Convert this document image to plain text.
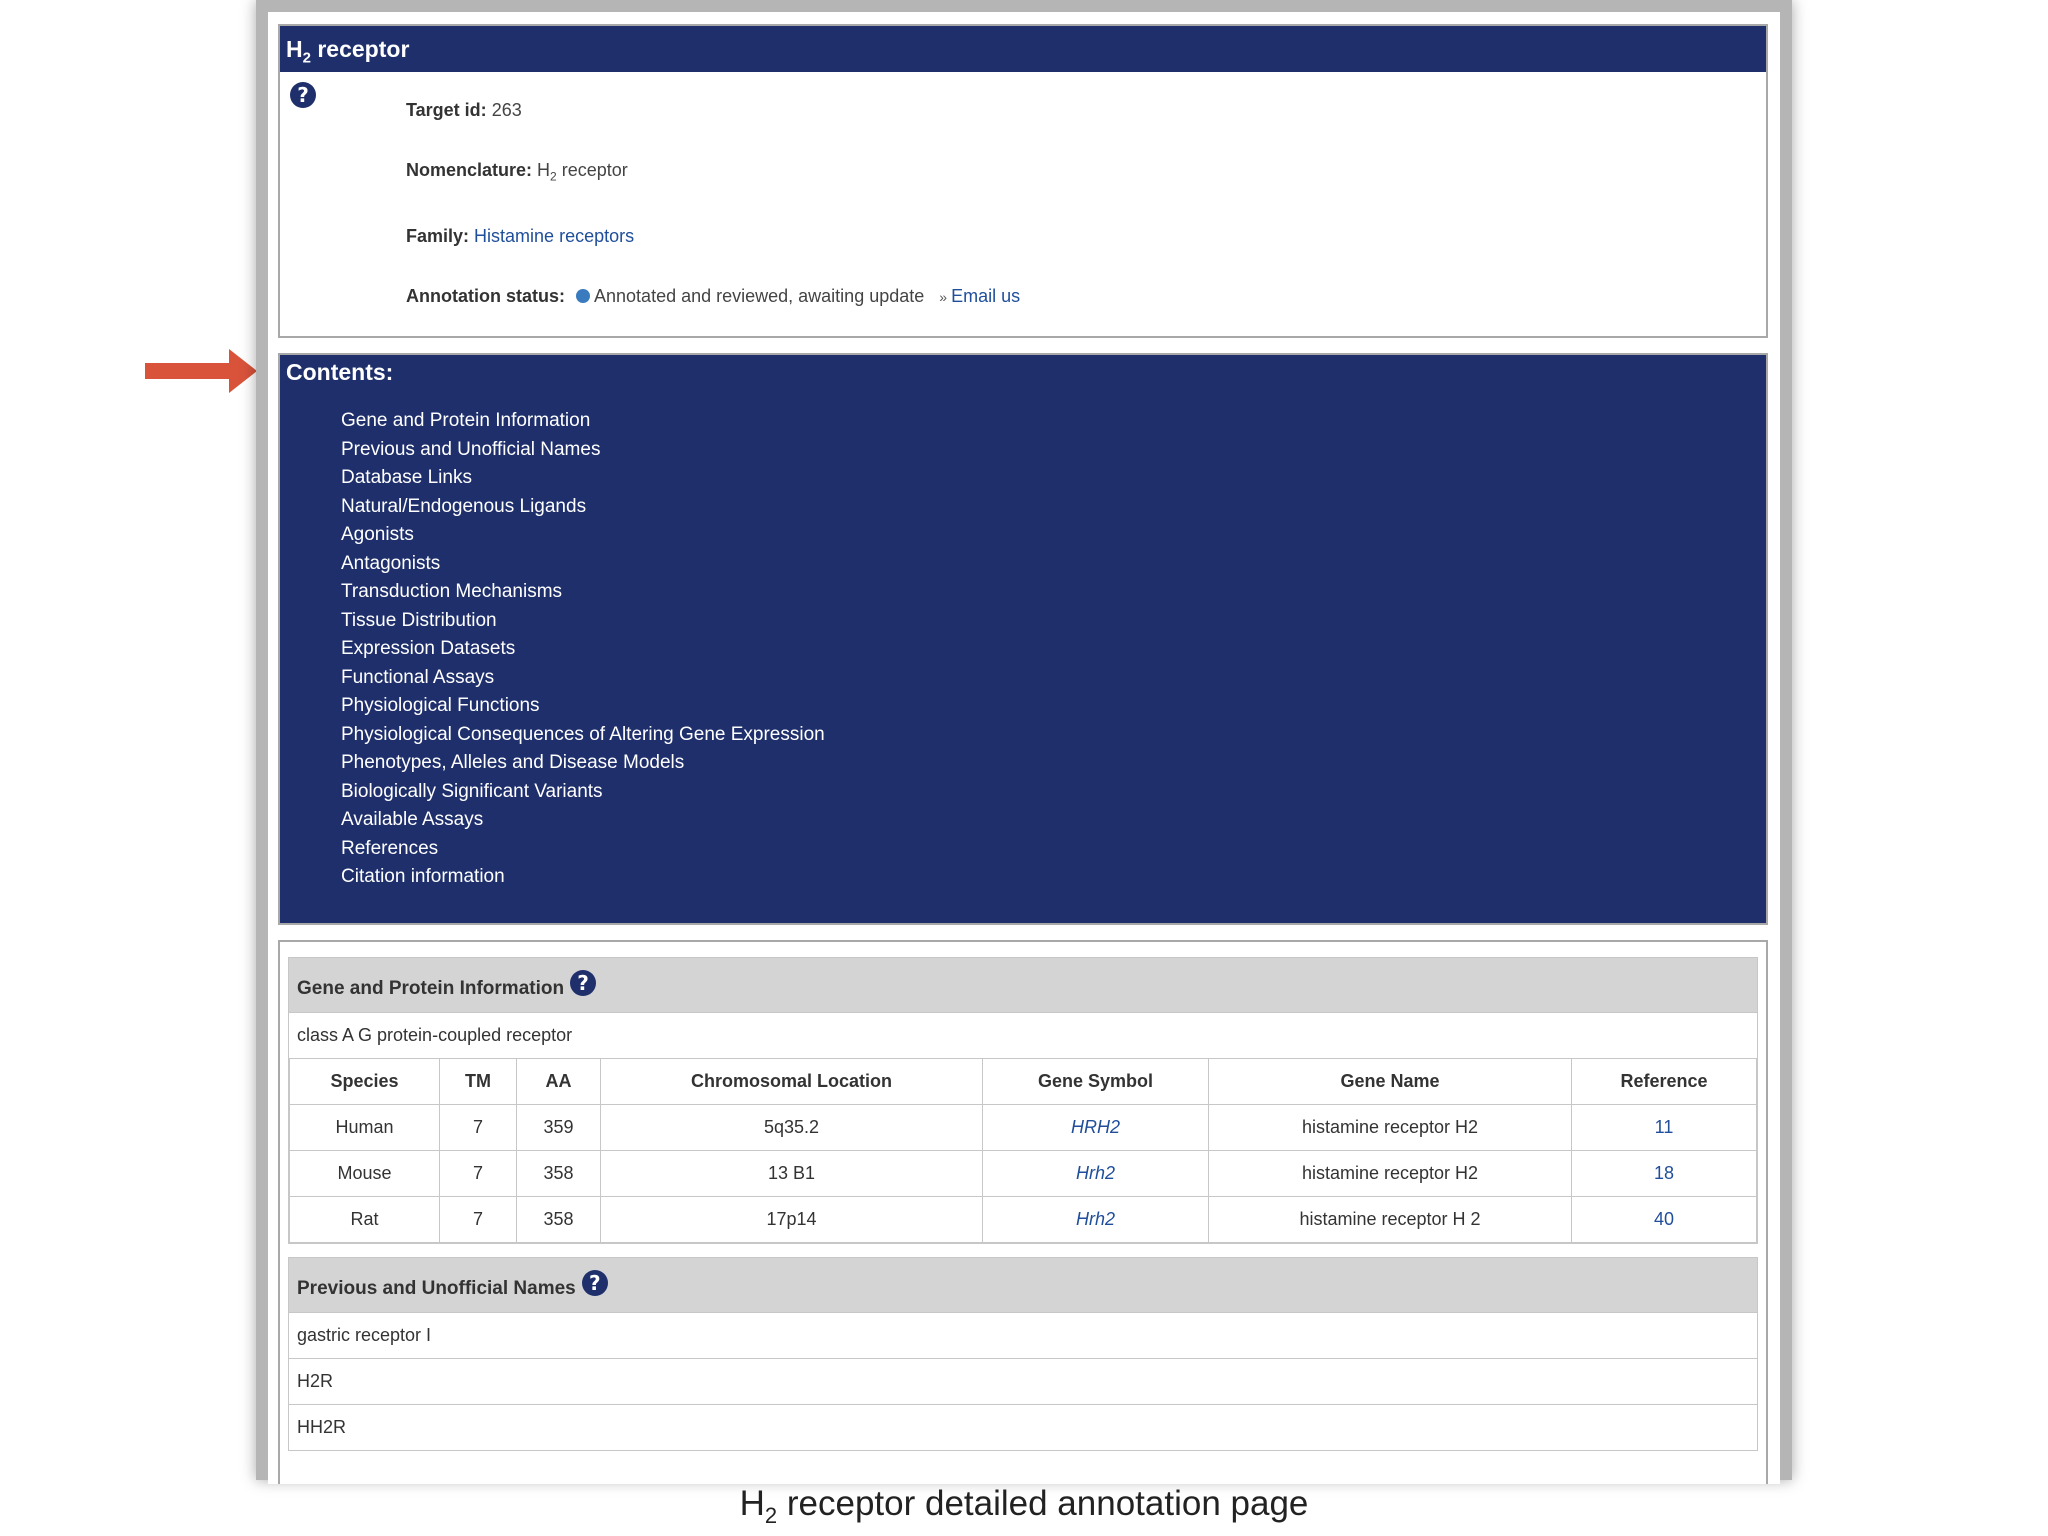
$H_2$ receptor
?
Target id: 263
Nomenclature: $H_2$ receptor
Family: Histamine receptors
Annotation status: Annotated and reviewed, awaiting update » Email us
Contents:
Gene and Protein Information
Previous and Unofficial Names
Database Links
Natural/Endogenous Ligands
Agonists
Antagonists
Transduction Mechanisms
Tissue Distribution
Expression Datasets
Functional Assays
Physiological Functions
Physiological Consequences of Altering Gene Expression
Phenotypes, Alleles and Disease Models
Biologically Significant Variants
Available Assays
References
Citation information
Gene and Protein Information ?
class A G protein-coupled receptor
Species	TM	AA	Chromosomal Location	Gene Symbol	Gene Name	Reference
Human	7	359	5q35.2	HRH2	histamine receptor H2	11
Mouse	7	358	13 B1	Hrh2	histamine receptor H2	18
Rat	7	358	17p14	Hrh2	histamine receptor H 2	40
Previous and Unofficial Names ?
gastric receptor I
H2R
HH2R
$H_2$ receptor detailed annotation page
